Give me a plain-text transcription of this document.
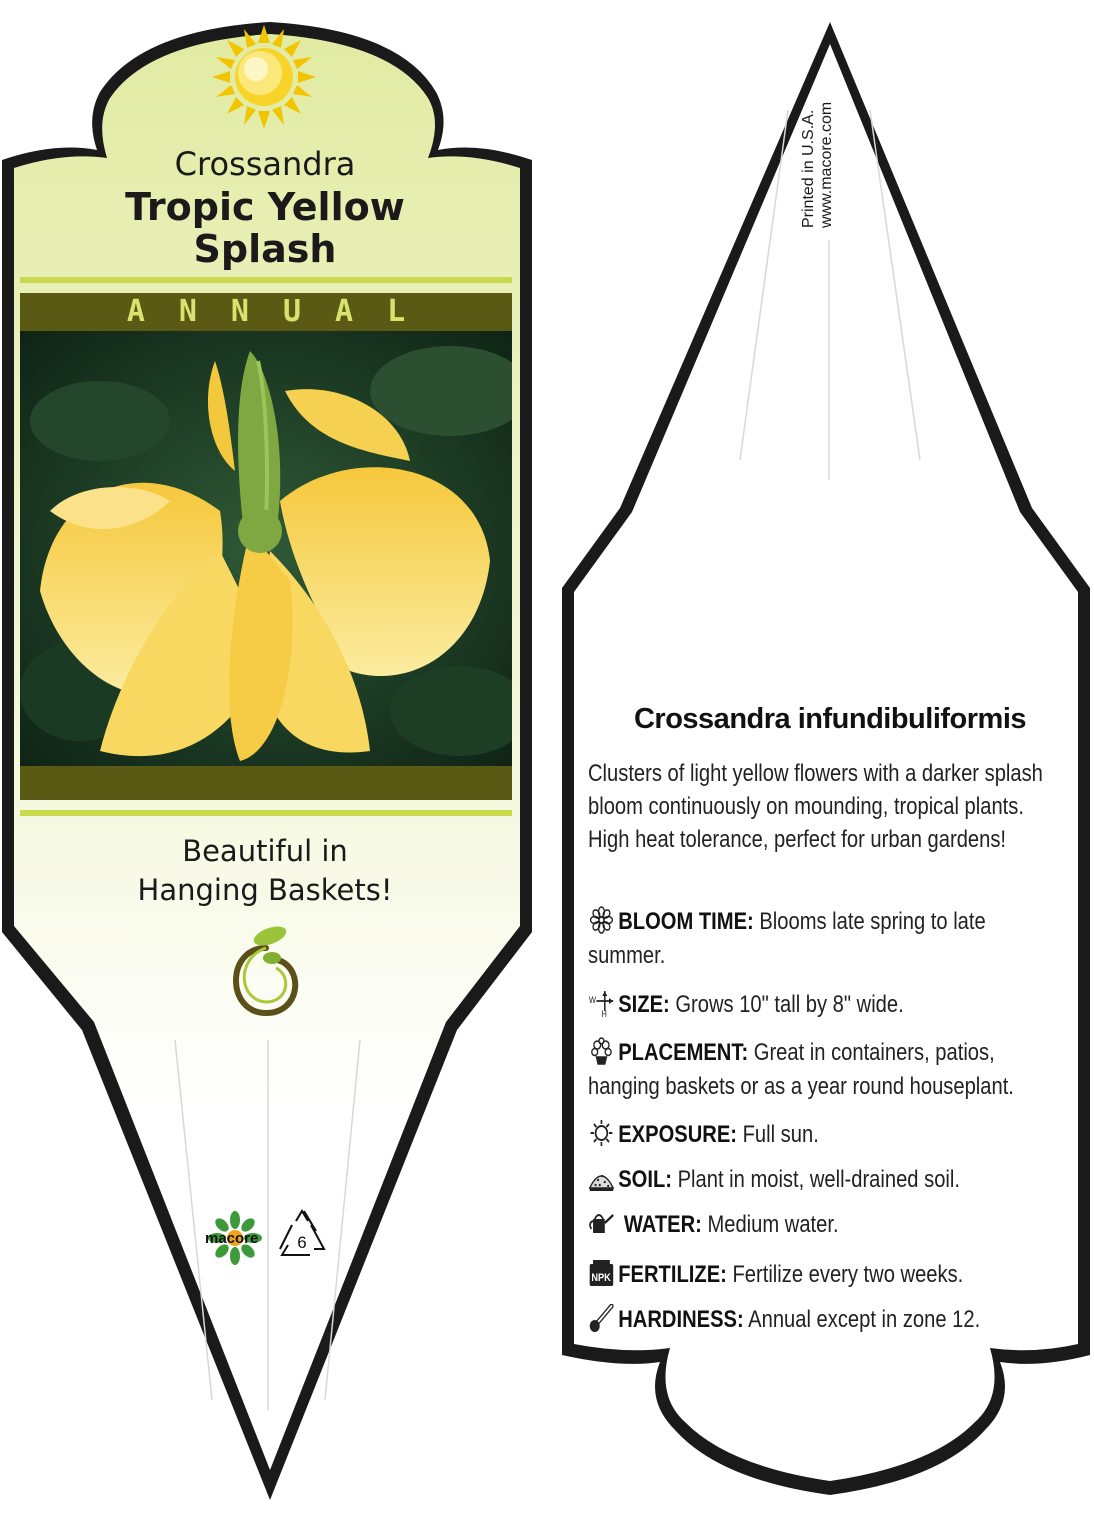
Crossandra
Tropic Yellow
Splash
ANNUAL
Beautiful in
Hanging Baskets!
macore	6
Printed in U.S.A. www.macore.com
Crossandra infundibuliformis
Clusters of light yellow flowers with a darker splash bloom continuously on mounding, tropical plants. High heat tolerance, perfect for urban gardens!
BLOOM TIME: Blooms late spring to late summer.
W
H SIZE: Grows 10" tall by 8" wide.
PLACEMENT: Great in containers, patios, hanging baskets or as a year round houseplant.
EXPOSURE: Full sun.
SOIL: Plant in moist, well-drained soil.
WATER: Medium water.
NPK FERTILIZE: Fertilize every two weeks.
HARDINESS: Annual except in zone 12.
